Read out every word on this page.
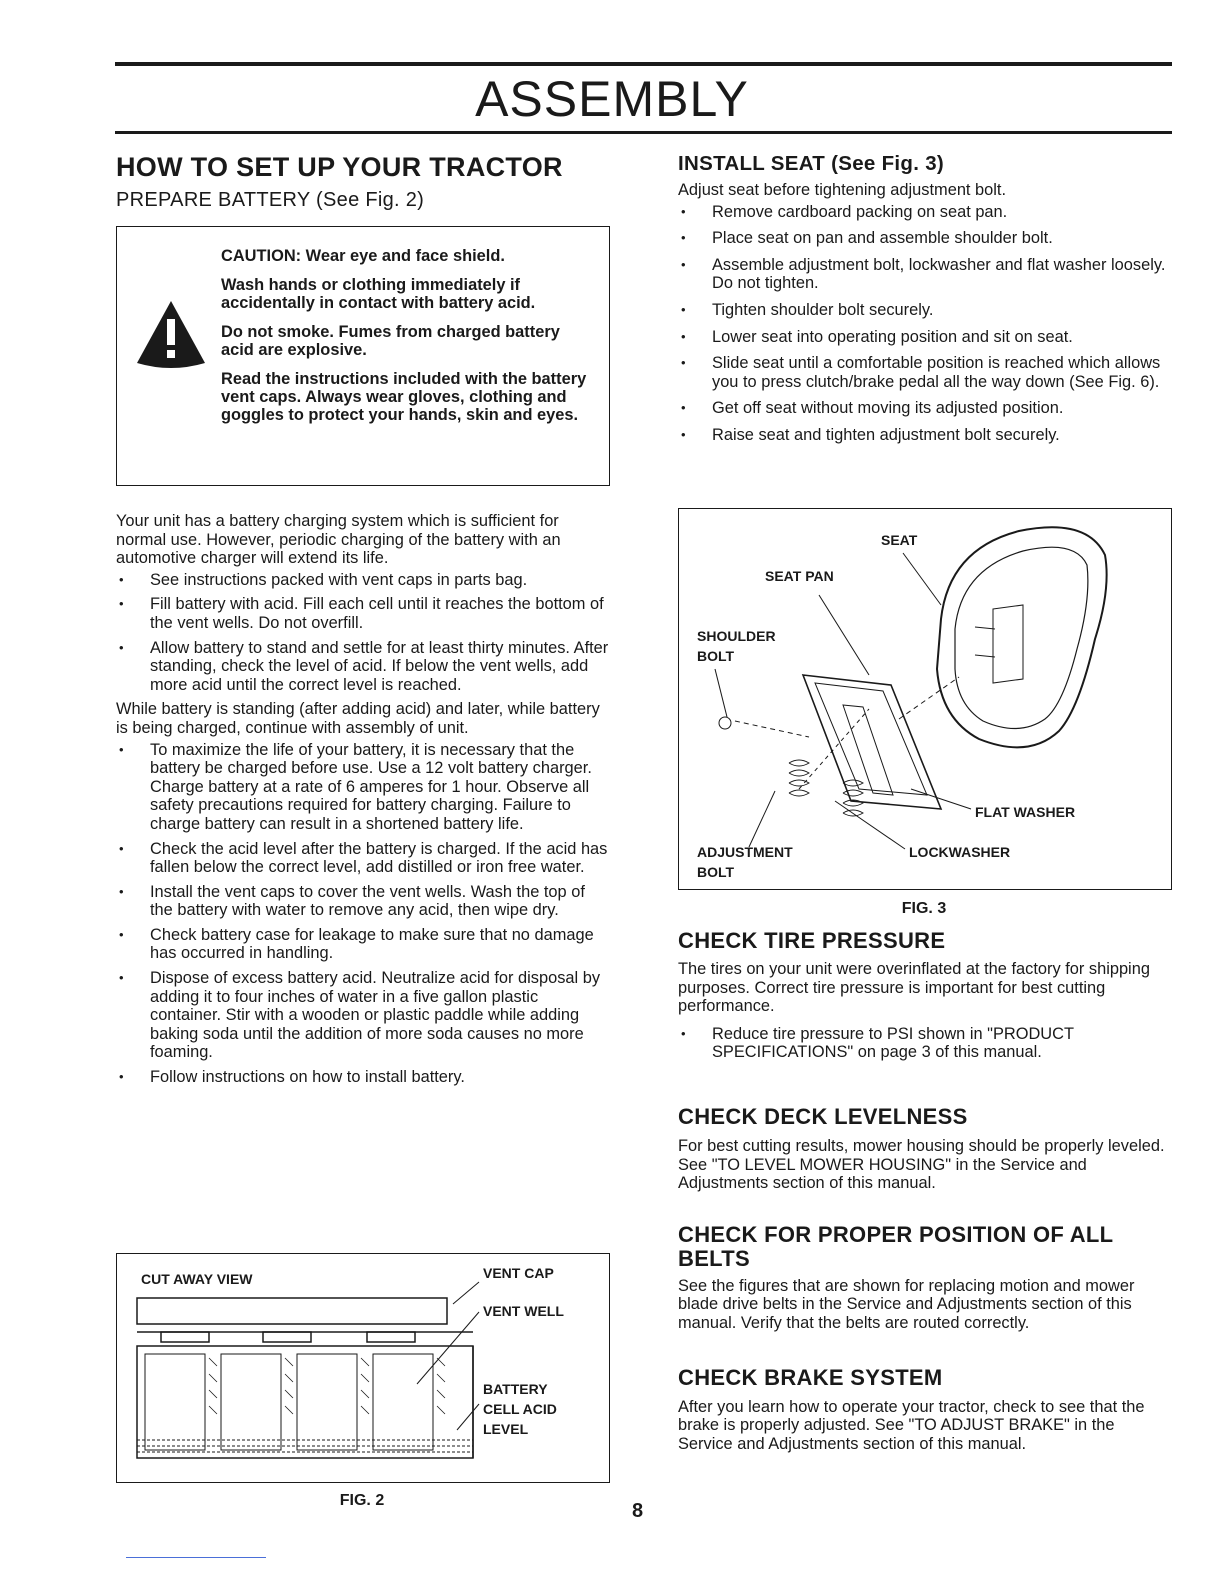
ASSEMBLY
HOW TO SET UP YOUR TRACTOR
PREPARE BATTERY (See Fig. 2)

CAUTION: Wear eye and face shield.

Wash hands or clothing immediately if accidentally in contact with battery acid.

Do not smoke. Fumes from charged battery acid are explosive.

Read the instructions included with the battery vent caps. Always wear gloves, clothing and goggles to protect your hands, skin and eyes.

Your unit has a battery charging system which is sufficient for normal use. However, periodic charging of the battery with an automotive charger will extend its life.

• See instructions packed with vent caps in parts bag.
• Fill battery with acid. Fill each cell until it reaches the bottom of the vent wells. Do not overfill.
• Allow battery to stand and settle for at least thirty minutes. After standing, check the level of acid. If below the vent wells, add more acid until the correct level is reached.

While battery is standing (after adding acid) and later, while battery is being charged, continue with assembly of unit.

• To maximize the life of your battery, it is necessary that the battery be charged before use. Use a 12 volt battery charger. Charge battery at a rate of 6 amperes for 1 hour. Observe all safety precautions required for battery charging. Failure to charge battery can result in a shortened battery life.
• Check the acid level after the battery is charged. If the acid has fallen below the correct level, add distilled or iron free water.
• Install the vent caps to cover the vent wells. Wash the top of the battery with water to remove any acid, then wipe dry.
• Check battery case for leakage to make sure that no damage has occurred in handling.
• Dispose of excess battery acid. Neutralize acid for disposal by adding it to four inches of water in a five gallon plastic container. Stir with a wooden or plastic paddle while adding baking soda until the addition of more soda causes no more foaming.
• Follow instructions on how to install battery.
CUT AWAY VIEW	VENT CAP
VENT WELL
BATTERY
CELL ACID
LEVEL
FIG. 2
INSTALL SEAT (See Fig. 3)

Adjust seat before tightening adjustment bolt.

• Remove cardboard packing on seat pan.
• Place seat on pan and assemble shoulder bolt.
• Assemble adjustment bolt, lockwasher and flat washer loosely. Do not tighten.
• Tighten shoulder bolt securely.
• Lower seat into operating position and sit on seat.
• Slide seat until a comfortable position is reached which allows you to press clutch/brake pedal all the way down (See Fig. 6).
• Get off seat without moving its adjusted position.
• Raise seat and tighten adjustment bolt securely.
SEAT
SEAT PAN
SHOULDER
BOLT
FLAT WASHER
ADJUSTMENT
BOLT
LOCKWASHER
FIG. 3
CHECK TIRE PRESSURE

The tires on your unit were overinflated at the factory for shipping purposes. Correct tire pressure is important for best cutting performance.

• Reduce tire pressure to PSI shown in "PRODUCT SPECIFICATIONS" on page 3 of this manual.
CHECK DECK LEVELNESS

For best cutting results, mower housing should be properly leveled. See "TO LEVEL MOWER HOUSING" in the Service and Adjustments section of this manual.

CHECK FOR PROPER POSITION OF ALL BELTS

See the figures that are shown for replacing motion and mower blade drive belts in the Service and Adjustments section of this manual. Verify that the belts are routed correctly.

CHECK BRAKE SYSTEM

After you learn how to operate your tractor, check to see that the brake is properly adjusted. See "TO ADJUST BRAKE" in the Service and Adjustments section of this manual.

8
